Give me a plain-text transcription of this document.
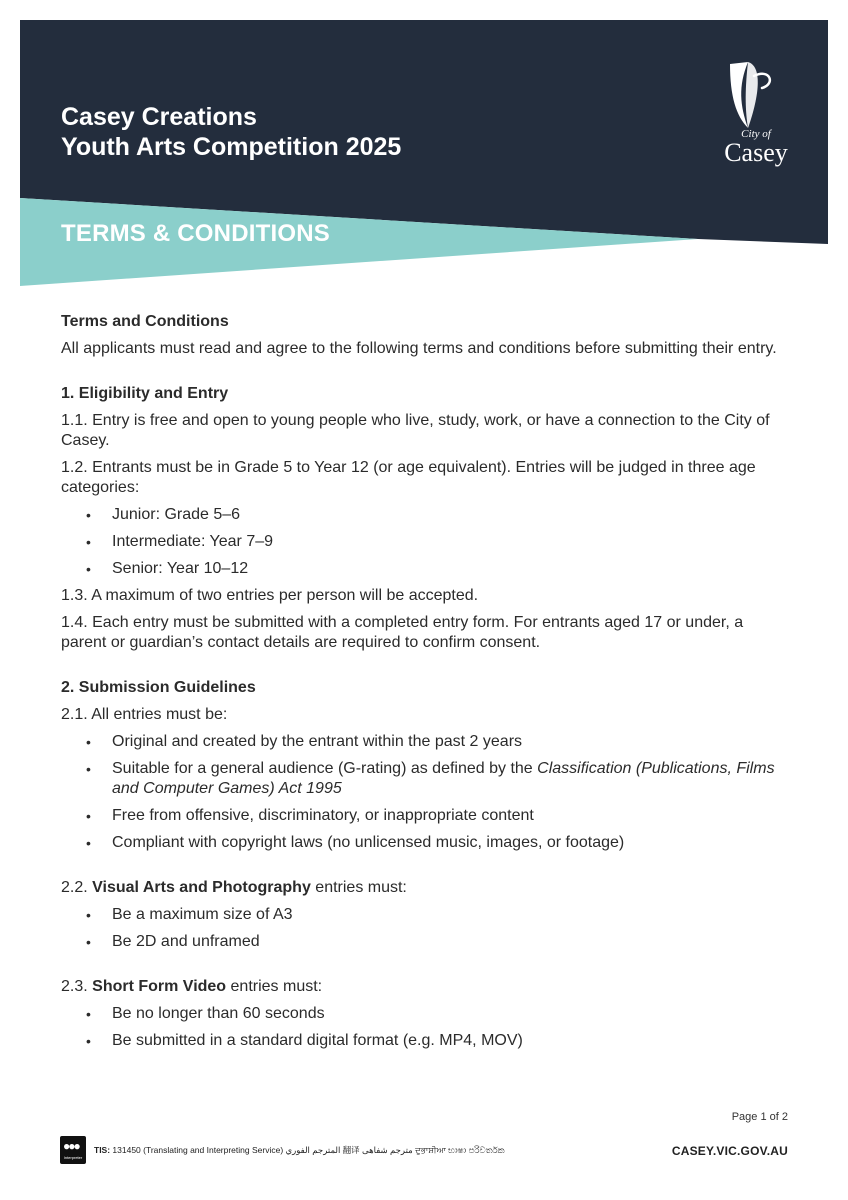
Casey Creations
Youth Arts Competition 2025
TERMS & CONDITIONS
City of
Casey
Terms and Conditions

All applicants must read and agree to the following terms and conditions before submitting their entry.

1. Eligibility and Entry

1.1. Entry is free and open to young people who live, study, work, or have a connection to the City of Casey.

1.2. Entrants must be in Grade 5 to Year 12 (or age equivalent). Entries will be judged in three age categories:

• Junior: Grade 5–6
• Intermediate: Year 7–9
• Senior: Year 10–12

1.3. A maximum of two entries per person will be accepted.

1.4. Each entry must be submitted with a completed entry form. For entrants aged 17 or under, a parent or guardian’s contact details are required to confirm consent.

2. Submission Guidelines

2.1. All entries must be:

• Original and created by the entrant within the past 2 years
• Suitable for a general audience (G-rating) as defined by the Classification (Publications, Films and Computer Games) Act 1995
• Free from offensive, discriminatory, or inappropriate content
• Compliant with copyright laws (no unlicensed music, images, or footage)

2.2. Visual Arts and Photography entries must:

• Be a maximum size of A3
• Be 2D and unframed

2.3. Short Form Video entries must:

• Be no longer than 60 seconds
• Be submitted in a standard digital format (e.g. MP4, MOV)
Page 1 of 2
●●●
Interpreter
TIS: 131450 (Translating and Interpreting Service) المترجم الفوري 翻译 مترجم شفاهی ਦੁਭਾਸ਼ੀਆ භාෂා පරිවර්තක	CASEY.VIC.GOV.AU
